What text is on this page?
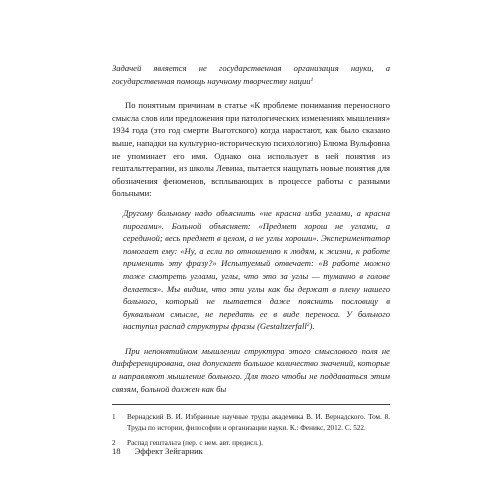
Задачей является не государственная организация науки, а государственная помощь научному творчеству нации$^1$

По понятным причинам в статье «К проблеме понимания переносного смысла слов или предложения при патологических изменениях мышления» 1934 года (это год смерти Выготского) когда нарастают, как было сказано выше, нападки на культурно-историческую психологию) Блюма Вульфовна не упоминает его имя. Однако она использует в ней понятия из гештальттерапии, из школы Левина, пытается нащупать новые понятия для обозначения феноменов, всплывающих в процессе работы с разными больными:

Другому больному надо объяснить «не красна изба углами, а красна пирогами». Больной объясняет: «Предмет хорош не углами, а серединой; весь предмет в целом, а не углы хороши». Экспериментатор помогает ему: «Ну, а если по отношению к людям, к жизни, к работе применить эту фразу?» Испытуемый отвечает: «В работе можно тоже смотреть углами, углы, что это за углы — туманно в голове делается». Мы видим, что эти углы как бы держат в плену нашего больного, который не пытается даже пояснить пословицу в буквальном смысле, не передать ее в виде переноса. У больного наступил распад структуры фразы (Gestaltzerfall$^2$).

При непонятийном мышлении структура этого смыслового поля не дифференцирована, она допускает большое количество значений, которые и направляют мышление больного. Для того чтобы не поддаваться этим связям, больной должен как бы

1	Вернадский В. И. Избранные научные труды академика В. И. Вернадского. Том. 8. Труды по истории, философии и организации науки. К.: Феникс, 2012. С. 522.
2	Распад гештальта (пер. с нем. авт. предисл.).
18 Эффект Зейгарник
